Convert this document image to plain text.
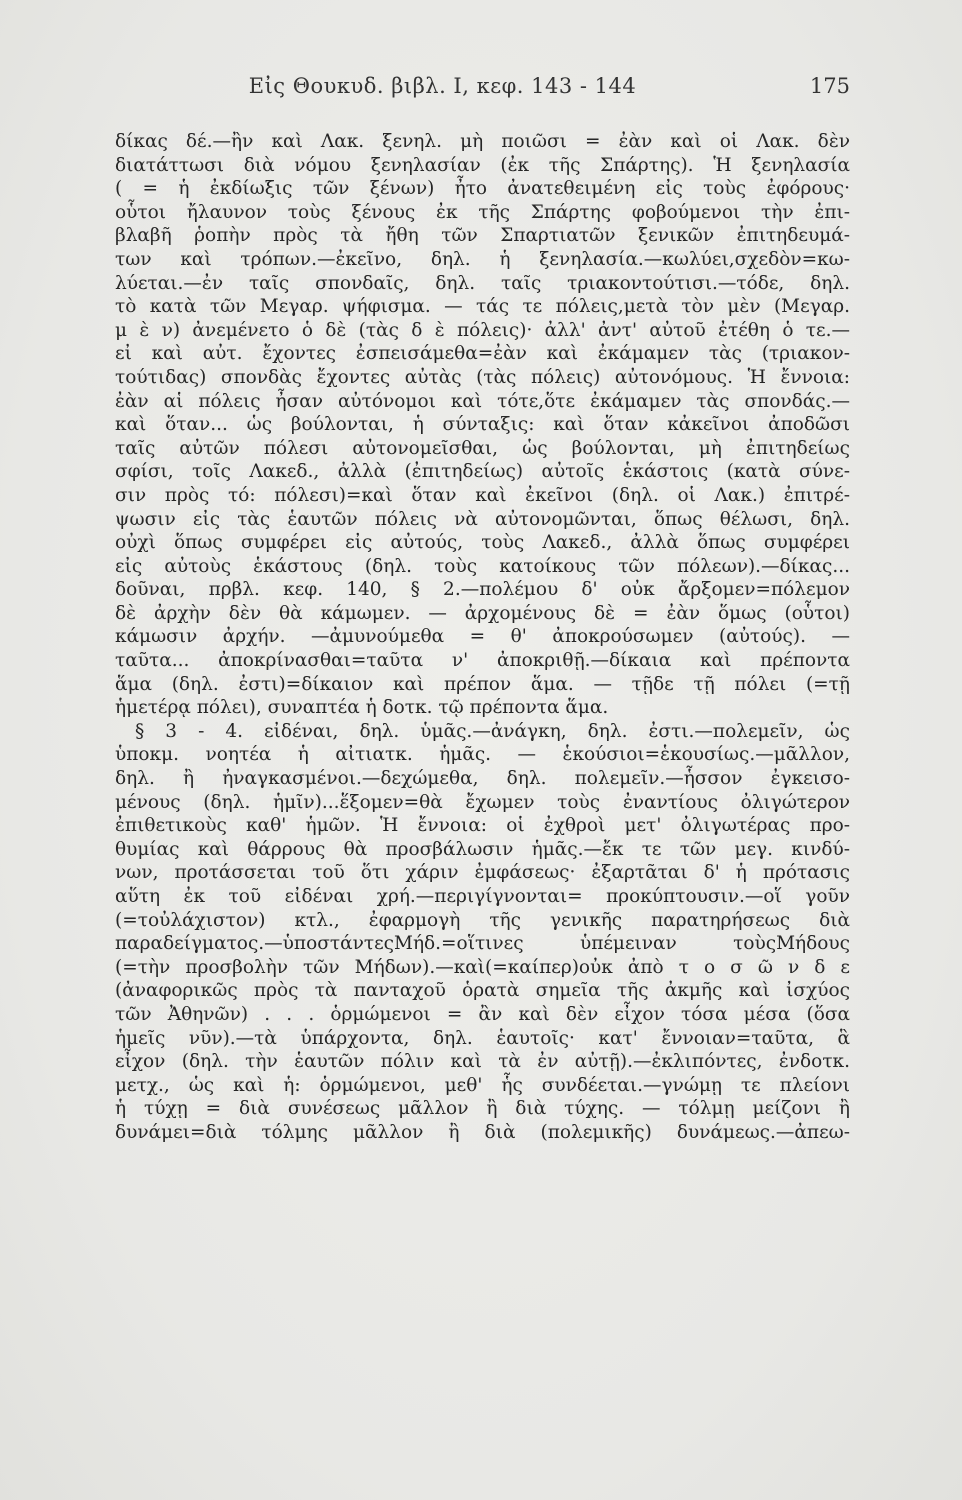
Εἰς Θουκυδ. βιβλ. Ι, κεφ. 143 - 144	175
δίκας δέ.—ἢν καὶ Λακ. ξενηλ. μὴ ποιῶσι = ἐὰν καὶ οἱ Λακ. δὲν
διατάττωσι διὰ νόμου ξενηλασίαν (ἐκ τῆς Σπάρτης). Ἡ ξενηλασία
( = ἡ ἐκδίωξις τῶν ξένων) ἦτο ἀνατεθειμένη εἰς τοὺς ἐφόρους·
οὗτοι ἤλαυνον τοὺς ξένους ἐκ τῆς Σπάρτης φοβούμενοι τὴν ἐπι-
βλαβῆ ῥοπὴν πρὸς τὰ ἤθη τῶν Σπαρτιατῶν ξενικῶν ἐπιτηδευμά-
των καὶ τρόπων.—ἐκεῖνο, δηλ. ἡ ξενηλασία.—κωλύει,σχεδὸν=κω-
λύεται.—ἐν ταῖς σπονδαῖς, δηλ. ταῖς τριακοντούτισι.—τόδε, δηλ.
τὸ κατὰ τῶν Μεγαρ. ψήφισμα. — τάς τε πόλεις,μετὰ τὸν μὲν (Μεγαρ.
μ ὲ ν) ἀνεμένετο ὁ δὲ (τὰς δ ὲ πόλεις)· ἀλλ' ἀντ' αὐτοῦ ἐτέθη ὁ τε.—
εἰ καὶ αὐτ. ἔχοντες ἐσπεισάμεθα=ἐὰν καὶ ἐκάμαμεν τὰς (τριακον-
τούτιδας) σπονδὰς ἔχοντες αὐτὰς (τὰς πόλεις) αὐτονόμους. Ἡ ἔννοια:
ἐὰν αἱ πόλεις ἦσαν αὐτόνομοι καὶ τότε,ὅτε ἐκάμαμεν τὰς σπονδάς.—
καὶ ὅταν... ὡς βούλονται, ἡ σύνταξις: καὶ ὅταν κἀκεῖνοι ἀποδῶσι
ταῖς αὐτῶν πόλεσι αὐτονομεῖσθαι, ὡς βούλονται, μὴ ἐπιτηδείως
σφίσι, τοῖς Λακεδ., ἀλλὰ (ἐπιτηδείως) αὐτοῖς ἑκάστοις (κατὰ σύνε-
σιν πρὸς τό: πόλεσι)=καὶ ὅταν καὶ ἐκεῖνοι (δηλ. οἱ Λακ.) ἐπιτρέ-
ψωσιν εἰς τὰς ἑαυτῶν πόλεις νὰ αὐτονομῶνται, ὅπως θέλωσι, δηλ.
οὐχὶ ὅπως συμφέρει εἰς αὐτούς, τοὺς Λακεδ., ἀλλὰ ὅπως συμφέρει
εἰς αὐτοὺς ἑκάστους (δηλ. τοὺς κατοίκους τῶν πόλεων).—δίκας...
δοῦναι, πρβλ. κεφ. 140, § 2.—πολέμου δ' οὐκ ἄρξομεν=πόλεμον
δὲ ἀρχὴν δὲν θὰ κάμωμεν. — ἀρχομένους δὲ = ἐὰν ὅμως (οὗτοι)
κάμωσιν ἀρχήν. —ἀμυνούμεθα = θ' ἀποκρούσωμεν (αὐτούς). —
ταῦτα... ἀποκρίνασθαι=ταῦτα ν' ἀποκριθῇ.—δίκαια καὶ πρέποντα
ἅμα (δηλ. ἐστι)=δίκαιον καὶ πρέπον ἅμα. — τῇδε τῇ πόλει (=τῇ
ἡμετέρᾳ πόλει), συναπτέα ἡ δοτκ. τῷ πρέποντα ἅμα.
§ 3 - 4. εἰδέναι, δηλ. ὑμᾶς.—ἀνάγκη, δηλ. ἐστι.—πολεμεῖν, ὡς
ὑποκμ. νοητέα ἡ αἰτιατκ. ἡμᾶς. — ἑκούσιοι=ἑκουσίως.—μᾶλλον,
δηλ. ἢ ἠναγκασμένοι.—δεχώμεθα, δηλ. πολεμεῖν.—ἧσσον ἐγκεισο-
μένους (δηλ. ἡμῖν)...ἕξομεν=θὰ ἔχωμεν τοὺς ἐναντίους ὀλιγώτερον
ἐπιθετικοὺς καθ' ἡμῶν. Ἡ ἔννοια: οἱ ἐχθροὶ μετ' ὀλιγωτέρας προ-
θυμίας καὶ θάρρους θὰ προσβάλωσιν ἡμᾶς.—ἔκ τε τῶν μεγ. κινδύ-
νων, προτάσσεται τοῦ ὅτι χάριν ἐμφάσεως· ἐξαρτᾶται δ' ἡ πρότασις
αὕτη ἐκ τοῦ εἰδέναι χρή.—περιγίγνονται= προκύπτουσιν.—οἵ γοῦν
(=τοὐλάχιστον) κτλ., ἐφαρμογὴ τῆς γενικῆς παρατηρήσεως διὰ
παραδείγματος.—ὑποστάντεςΜήδ.=οἵτινες ὑπέμειναν τοὺςΜήδους
(=τὴν προσβολὴν τῶν Μήδων).—καὶ(=καίπερ)οὐκ ἀπὸ τ ο σ ῶ ν δ ε
(ἀναφορικῶς πρὸς τὰ πανταχοῦ ὁρατὰ σημεῖα τῆς ἀκμῆς καὶ ἰσχύος
τῶν Ἀθηνῶν) . . . ὁρμώμενοι = ἂν καὶ δὲν εἶχον τόσα μέσα (ὅσα
ἡμεῖς νῦν).—τὰ ὑπάρχοντα, δηλ. ἑαυτοῖς· κατ' ἔννοιαν=ταῦτα, ἃ
εἶχον (δηλ. τὴν ἑαυτῶν πόλιν καὶ τὰ ἐν αὐτῇ).—ἐκλιπόντες, ἐνδοτκ.
μετχ., ὡς καὶ ἡ: ὁρμώμενοι, μεθ' ἧς συνδέεται.—γνώμῃ τε πλείονι
ἡ τύχῃ = διὰ συνέσεως μᾶλλον ἢ διὰ τύχης. — τόλμῃ μείζονι ἢ
δυνάμει=διὰ τόλμης μᾶλλον ἢ διὰ (πολεμικῆς) δυνάμεως.—ἀπεω-
